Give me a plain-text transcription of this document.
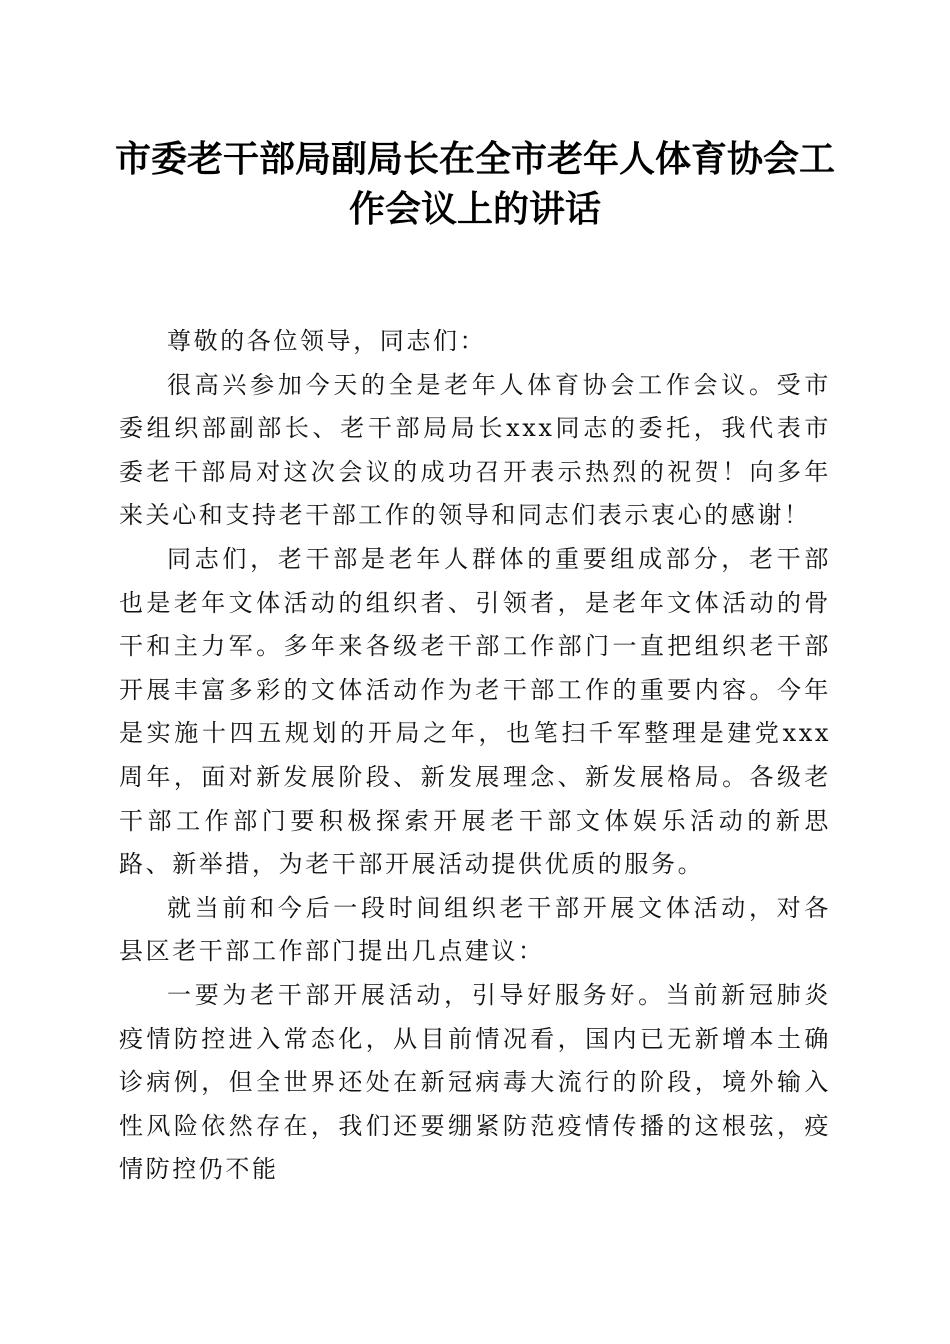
市委老干部局副局长在全市老年人体育协会工作会议上的讲话

尊敬的各位领导，同志们：

很高兴参加今天的全是老年人体育协会工作会议。受市委组织部副部长、老干部局局长xxx同志的委托，我代表市委老干部局对这次会议的成功召开表示热烈的祝贺！向多年来关心和支持老干部工作的领导和同志们表示衷心的感谢！

同志们，老干部是老年人群体的重要组成部分，老干部也是老年文体活动的组织者、引领者，是老年文体活动的骨干和主力军。多年来各级老干部工作部门一直把组织老干部开展丰富多彩的文体活动作为老干部工作的重要内容。今年是实施十四五规划的开局之年，也笔扫千军整理是建党xxx周年，面对新发展阶段、新发展理念、新发展格局。各级老干部工作部门要积极探索开展老干部文体娱乐活动的新思路、新举措，为老干部开展活动提供优质的服务。

就当前和今后一段时间组织老干部开展文体活动，对各县区老干部工作部门提出几点建议：

一要为老干部开展活动，引导好服务好。当前新冠肺炎疫情防控进入常态化，从目前情况看，国内已无新增本土确诊病例，但全世界还处在新冠病毒大流行的阶段，境外输入性风险依然存在，我们还要绷紧防范疫情传播的这根弦，疫情防控仍不能
